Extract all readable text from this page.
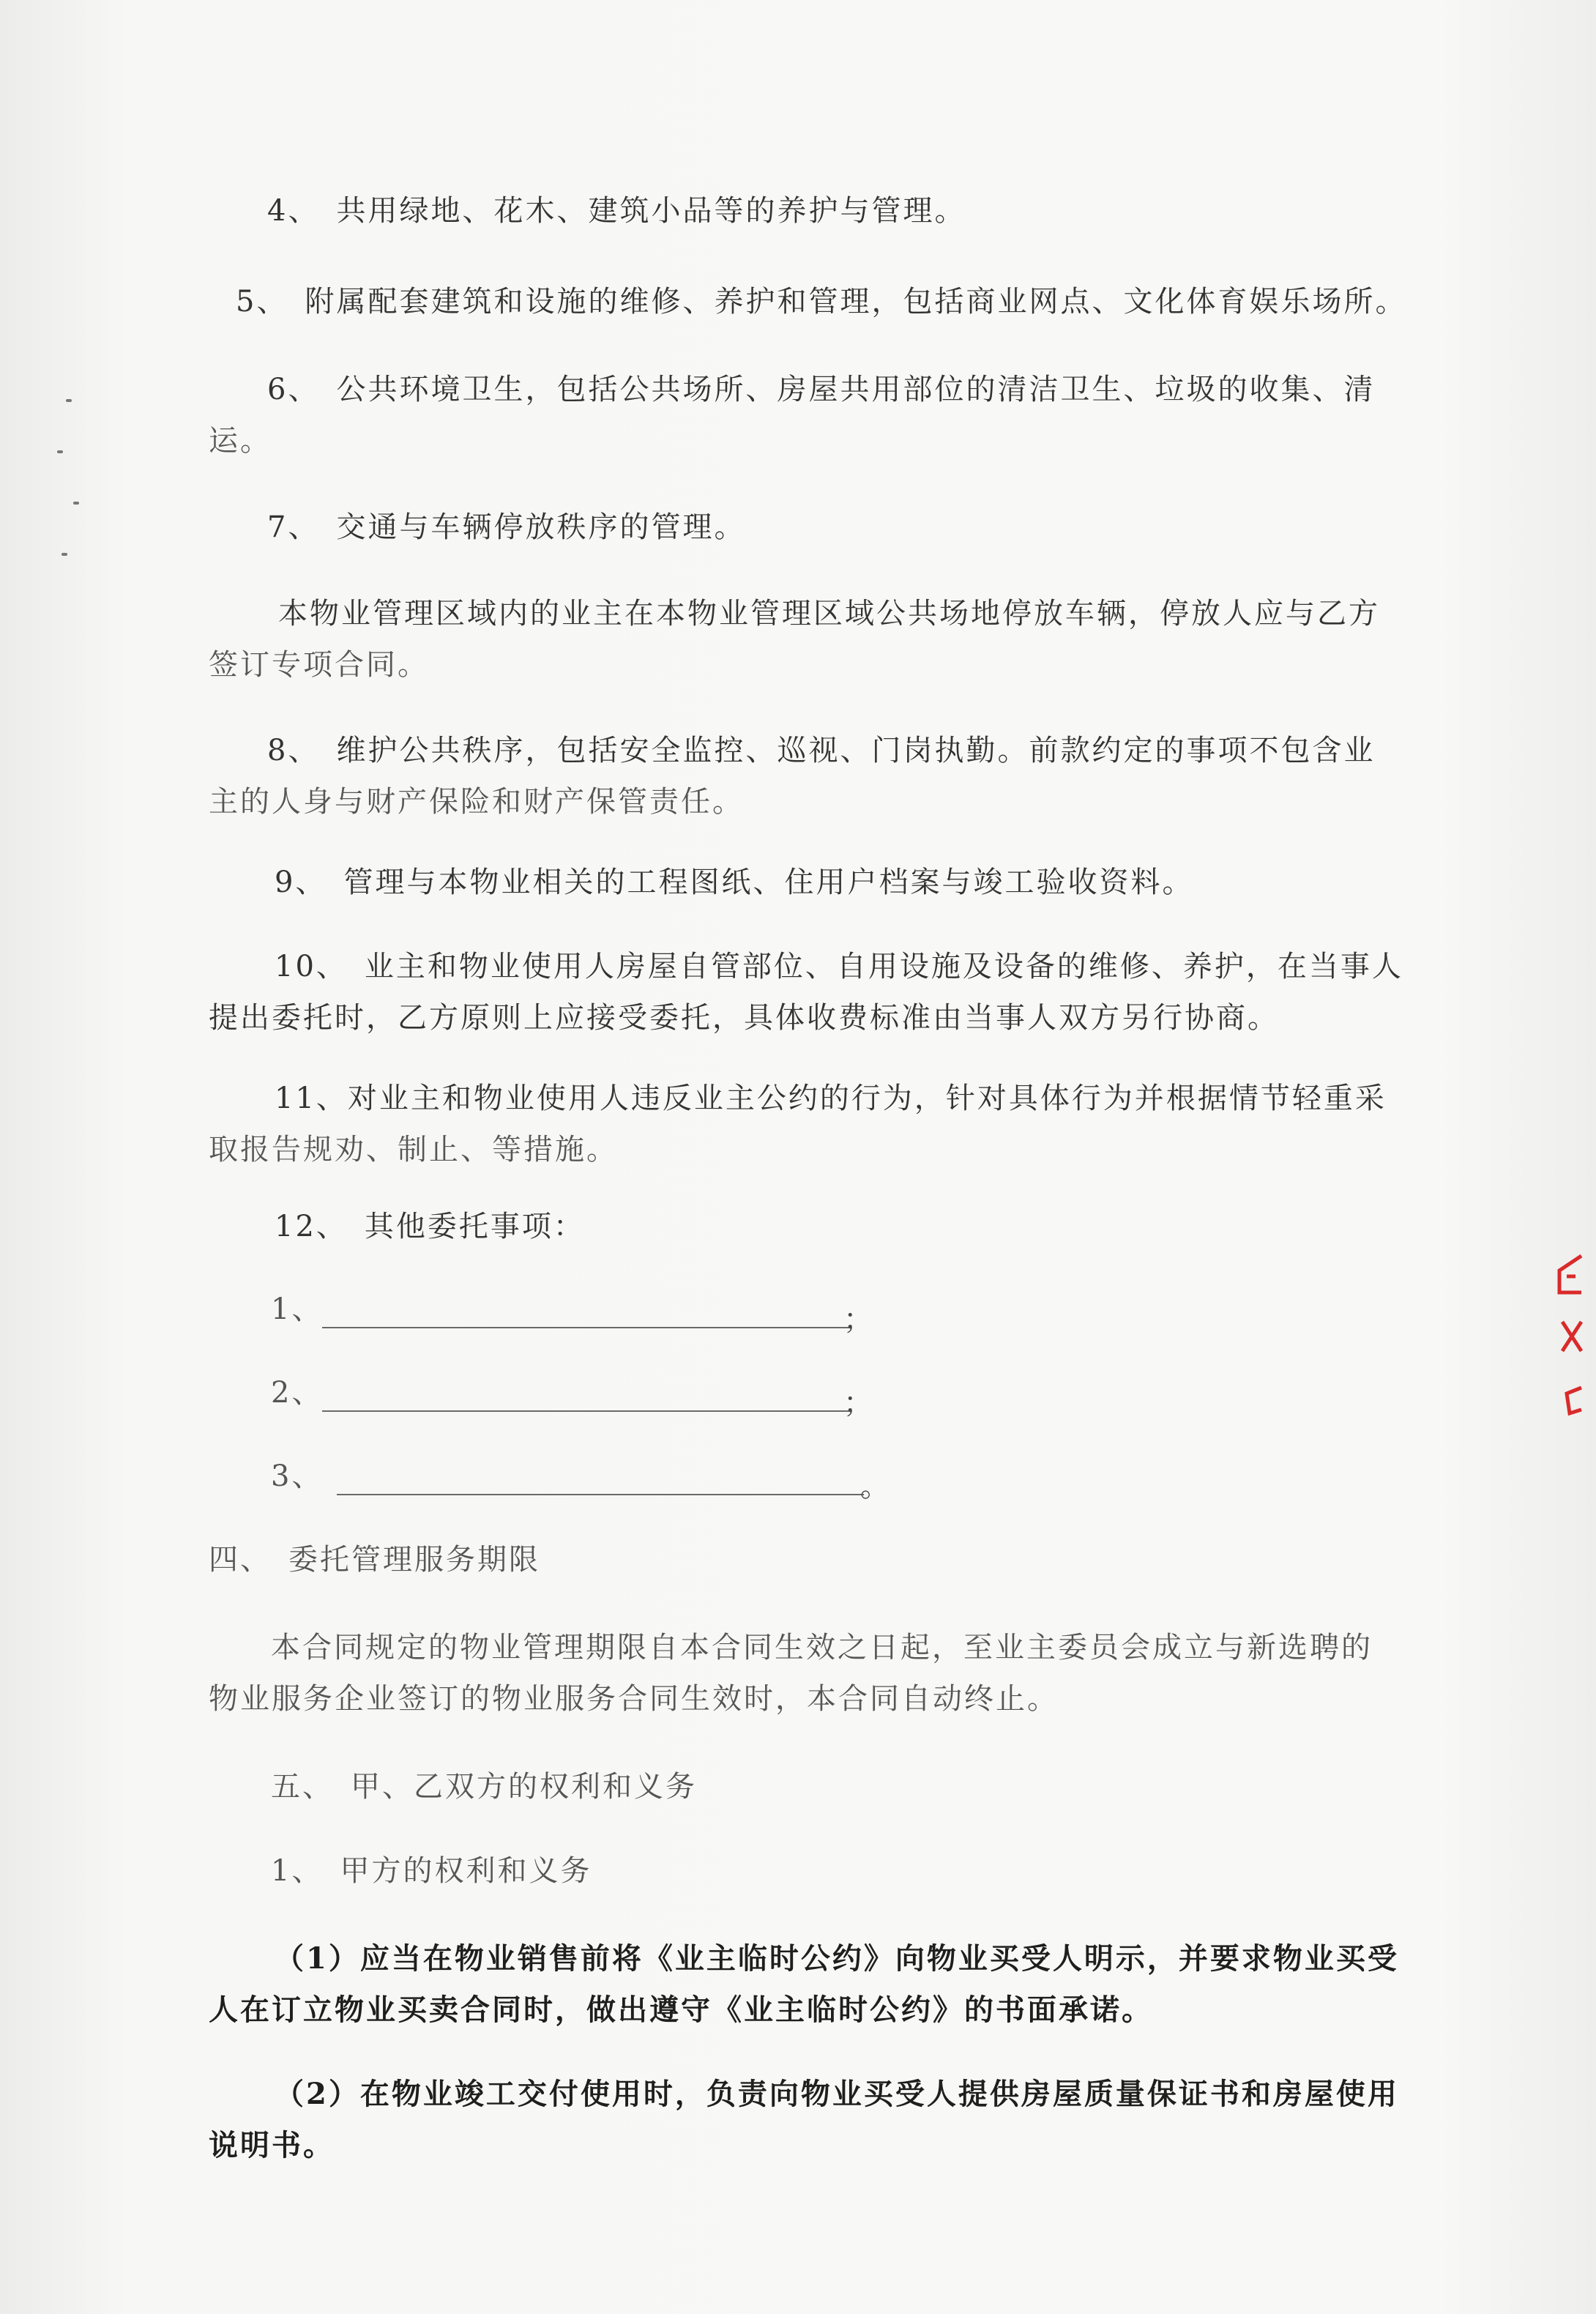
4、　共用绿地、花木、建筑小品等的养护与管理。
5、　附属配套建筑和设施的维修、养护和管理，包括商业网点、文化体育娱乐场所。
6、　公共环境卫生，包括公共场所、房屋共用部位的清洁卫生、垃圾的收集、清
运。
7、　交通与车辆停放秩序的管理。
本物业管理区域内的业主在本物业管理区域公共场地停放车辆，停放人应与乙方
签订专项合同。
8、　维护公共秩序，包括安全监控、巡视、门岗执勤。前款约定的事项不包含业
主的人身与财产保险和财产保管责任。
9、　管理与本物业相关的工程图纸、住用户档案与竣工验收资料。
10、　业主和物业使用人房屋自管部位、自用设施及设备的维修、养护，在当事人
提出委托时，乙方原则上应接受委托，具体收费标准由当事人双方另行协商。
11、对业主和物业使用人违反业主公约的行为，针对具体行为并根据情节轻重采
取报告规劝、制止、等措施。
12、　其他委托事项：
1、	；
2、	；
3、	。
四、　委托管理服务期限
本合同规定的物业管理期限自本合同生效之日起，至业主委员会成立与新选聘的
物业服务企业签订的物业服务合同生效时，本合同自动终止。
五、　甲、乙双方的权利和义务
1、　甲方的权利和义务
（1）应当在物业销售前将《业主临时公约》向物业买受人明示，并要求物业买受
人在订立物业买卖合同时，做出遵守《业主临时公约》的书面承诺。
（2）在物业竣工交付使用时，负责向物业买受人提供房屋质量保证书和房屋使用
说明书。
